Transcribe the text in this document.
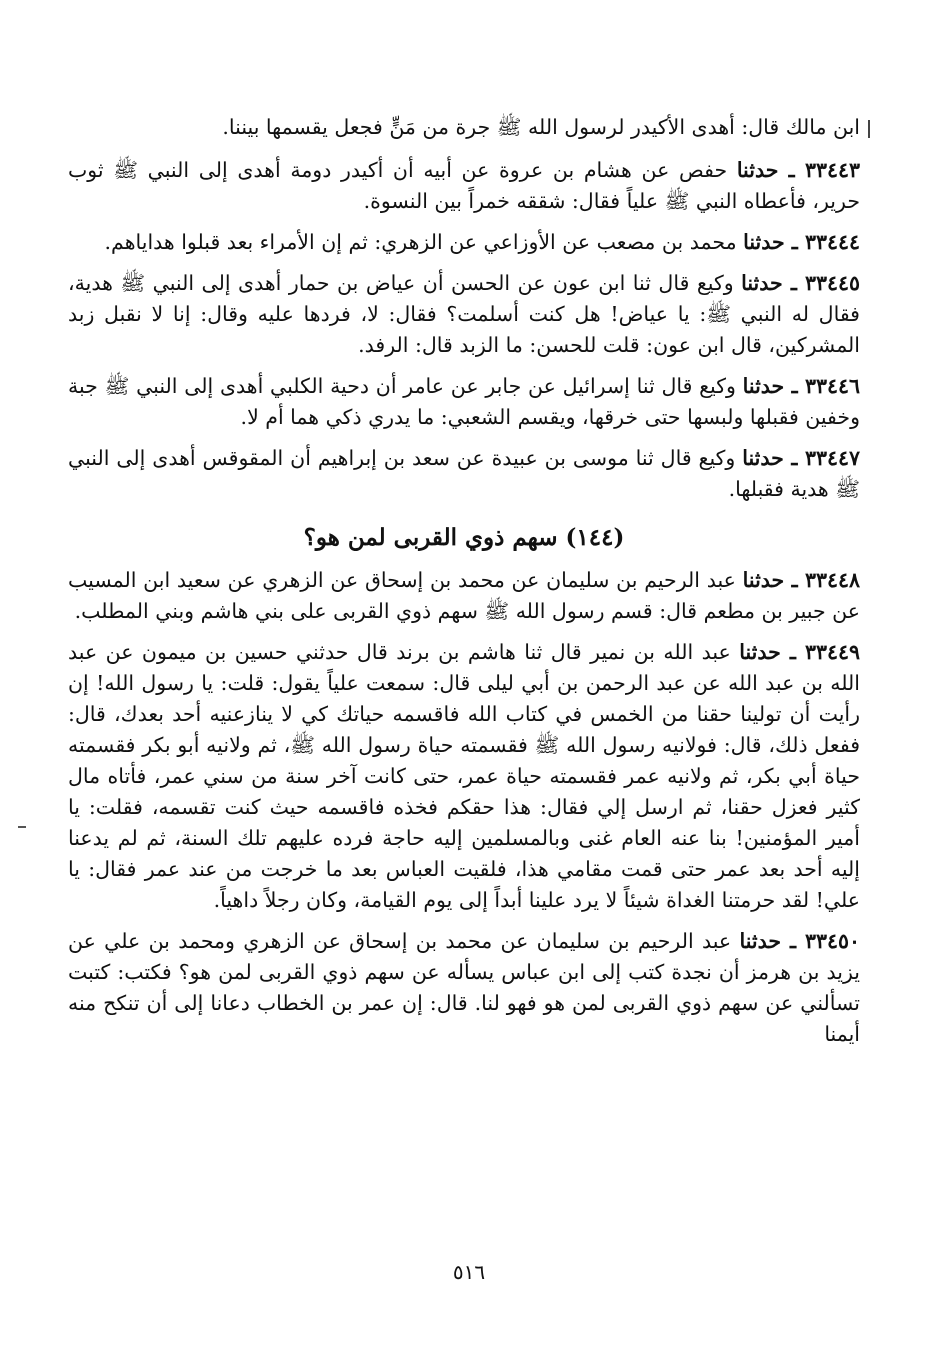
ابن مالك قال: أهدى الأكيدر لرسول الله ﷺ جرة من مَنٍّ فجعل يقسمها بيننا.

٣٣٤٤٣ ـ حدثنا حفص عن هشام بن عروة عن أبيه أن أكيدر دومة أهدى إلى النبي ﷺ ثوب حرير، فأعطاه النبي ﷺ علياً فقال: شققه خمراً بين النسوة.

٣٣٤٤٤ ـ حدثنا محمد بن مصعب عن الأوزاعي عن الزهري: ثم إن الأمراء بعد قبلوا هداياهم.

٣٣٤٤٥ ـ حدثنا وكيع قال ثنا ابن عون عن الحسن أن عياض بن حمار أهدى إلى النبي ﷺ هدية، فقال له النبي ﷺ: يا عياض! هل كنت أسلمت؟ فقال: لا، فردها عليه وقال: إنا لا نقبل زبد المشركين، قال ابن عون: قلت للحسن: ما الزبد قال: الرفد.

٣٣٤٤٦ ـ حدثنا وكيع قال ثنا إسرائيل عن جابر عن عامر أن دحية الكلبي أهدى إلى النبي ﷺ جبة وخفين فقبلها ولبسها حتى خرقها، ويقسم الشعبي: ما يدري ذكي هما أم لا.

٣٣٤٤٧ ـ حدثنا وكيع قال ثنا موسى بن عبيدة عن سعد بن إبراهيم أن المقوقس أهدى إلى النبي ﷺ هدية فقبلها.

(١٤٤) سهم ذوي القربى لمن هو؟

٣٣٤٤٨ ـ حدثنا عبد الرحيم بن سليمان عن محمد بن إسحاق عن الزهري عن سعيد ابن المسيب عن جبير بن مطعم قال: قسم رسول الله ﷺ سهم ذوي القربى على بني هاشم وبني المطلب.

٣٣٤٤٩ ـ حدثنا عبد الله بن نمير قال ثنا هاشم بن برند قال حدثني حسين بن ميمون عن عبد الله بن عبد الله عن عبد الرحمن بن أبي ليلى قال: سمعت علياً يقول: قلت: يا رسول الله! إن رأيت أن تولينا حقنا من الخمس في كتاب الله فاقسمه حياتك كي لا ينازعنيه أحد بعدك، قال: ففعل ذلك، قال: فولانيه رسول الله ﷺ فقسمته حياة رسول الله ﷺ، ثم ولانيه أبو بكر فقسمته حياة أبي بكر، ثم ولانيه عمر فقسمته حياة عمر، حتى كانت آخر سنة من سني عمر، فأتاه مال كثير فعزل حقنا، ثم ارسل إلي فقال: هذا حقكم فخذه فاقسمه حيث كنت تقسمه، فقلت: يا أمير المؤمنين! بنا عنه العام غنى وبالمسلمين إليه حاجة فرده عليهم تلك السنة، ثم لم يدعنا إليه أحد بعد عمر حتى قمت مقامي هذا، فلقيت العباس بعد ما خرجت من عند عمر فقال: يا علي! لقد حرمتنا الغداة شيئاً لا يرد علينا أبداً إلى يوم القيامة، وكان رجلاً داهياً.

٣٣٤٥٠ ـ حدثنا عبد الرحيم بن سليمان عن محمد بن إسحاق عن الزهري ومحمد بن علي عن يزيد بن هرمز أن نجدة كتب إلى ابن عباس يسأله عن سهم ذوي القربى لمن هو؟ فكتب: كتبت تسألني عن سهم ذوي القربى لمن هو فهو لنا. قال: إن عمر بن الخطاب دعانا إلى أن تنكح منه أيمنا

٥١٦
